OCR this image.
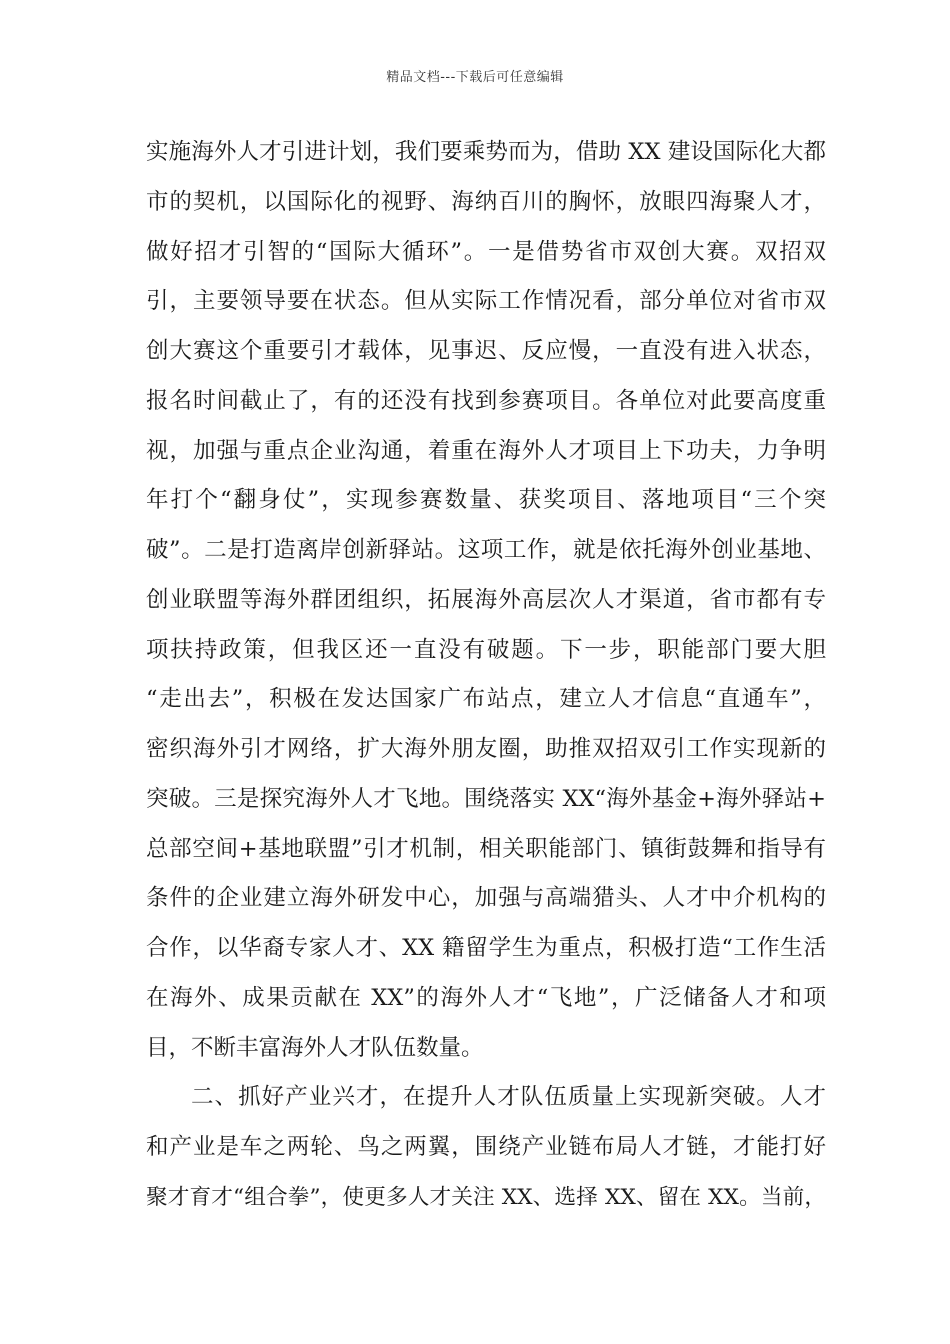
精品文档---下载后可任意编辑
实施海外人才引进计划，我们要乘势而为，借助 XX 建设国际化大都
市的契机，以国际化的视野、海纳百川的胸怀，放眼四海聚人才，
做好招才引智的“国际大循环”。一是借势省市双创大赛。双招双
引，主要领导要在状态。但从实际工作情况看，部分单位对省市双
创大赛这个重要引才载体，见事迟、反应慢，一直没有进入状态，
报名时间截止了，有的还没有找到参赛项目。各单位对此要高度重
视，加强与重点企业沟通，着重在海外人才项目上下功夫，力争明
年打个“翻身仗”，实现参赛数量、获奖项目、落地项目“三个突
破”。二是打造离岸创新驿站。这项工作，就是依托海外创业基地、
创业联盟等海外群团组织，拓展海外高层次人才渠道，省市都有专
项扶持政策，但我区还一直没有破题。下一步，职能部门要大胆
“走出去”，积极在发达国家广布站点，建立人才信息“直通车”，
密织海外引才网络，扩大海外朋友圈，助推双招双引工作实现新的
突破。三是探究海外人才飞地。围绕落实 XX“海外基金+海外驿站+
总部空间+基地联盟”引才机制，相关职能部门、镇街鼓舞和指导有
条件的企业建立海外研发中心，加强与高端猎头、人才中介机构的
合作，以华裔专家人才、XX 籍留学生为重点，积极打造“工作生活
在海外、成果贡献在 XX”的海外人才“飞地”，广泛储备人才和项
目，不断丰富海外人才队伍数量。
二、抓好产业兴才，在提升人才队伍质量上实现新突破。人才
和产业是车之两轮、鸟之两翼，围绕产业链布局人才链，才能打好
聚才育才“组合拳”，使更多人才关注 XX、选择 XX、留在 XX。当前，
